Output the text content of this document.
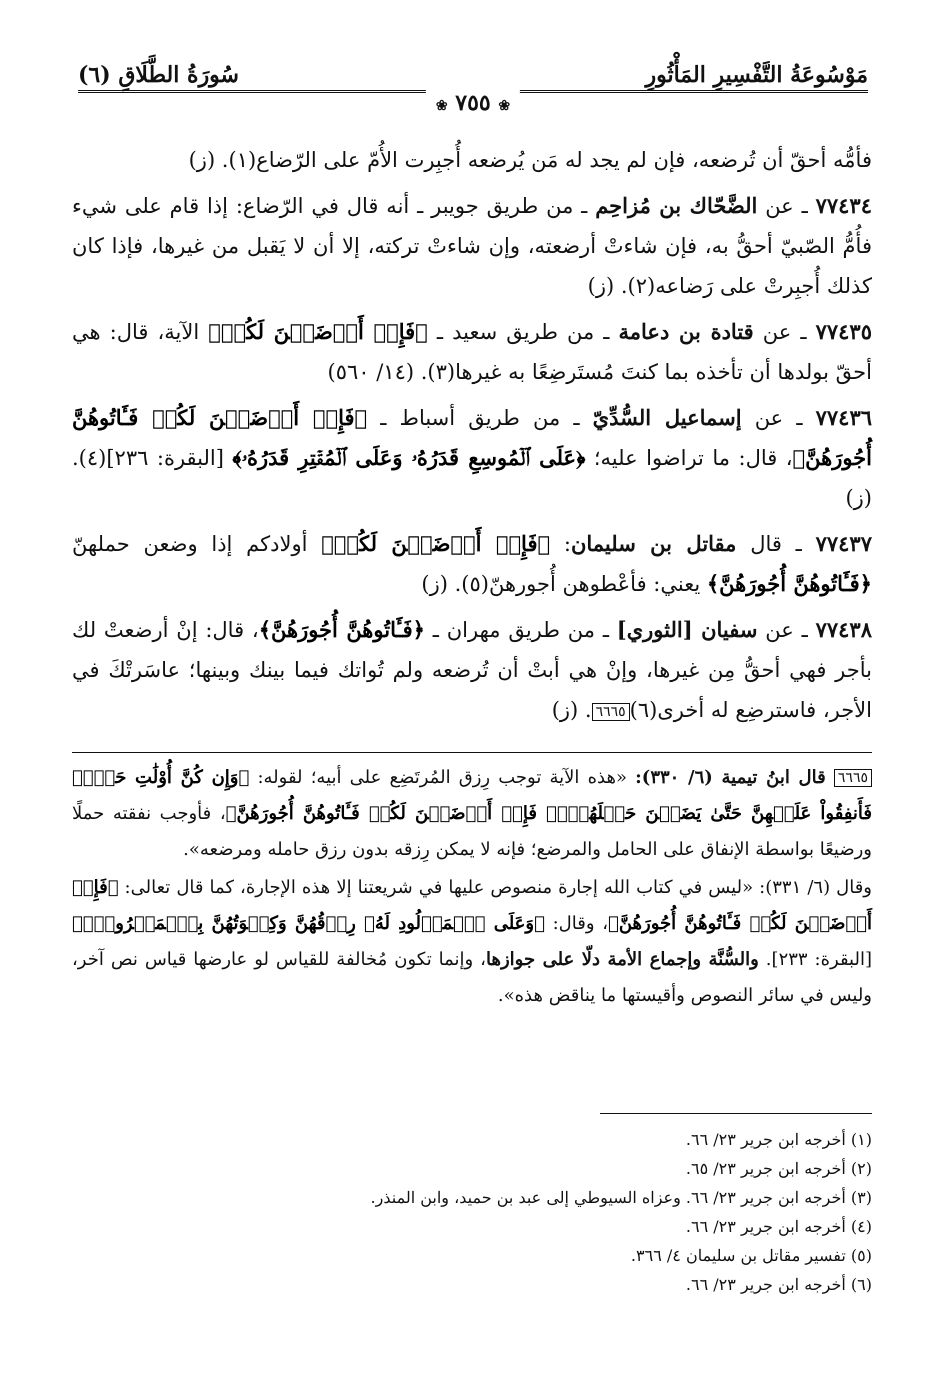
مَوْسُوعَةُ التَّفْسِيرِ المَأْثُورِ
سُورَةُ الطَّلَاقِ (٦)
❀ ٧٥٥ ❀

فأمُّه أحقّ أن تُرضعه، فإن لم يجد له مَن يُرضعه أُجبِرت الأُمّ على الرّضاع(١). (ز)

٧٧٤٣٤ ـ عن الضَّحّاك بن مُزاحِم ـ من طريق جويبر ـ أنه قال في الرّضاع: إذا قام على شيء فأُمُّ الصّبيّ أحقُّ به، فإن شاءتْ أرضعته، وإن شاءتْ تركته، إلا أن لا يَقبل من غيرها، فإذا كان كذلك أُجبِرتْ على رَضاعه(٢). (ز)

٧٧٤٣٥ ـ عن قتادة بن دعامة ـ من طريق سعيد ـ ﴿فَإِنۡ أَرۡضَعۡنَ لَكُمۡ﴾ الآية، قال: هي أحقّ بولدها أن تأخذه بما كنتَ مُستَرضِعًا به غيرها(٣). (١٤/ ٥٦٠)

٧٧٤٣٦ ـ عن إسماعيل السُّدِّيّ ـ من طريق أسباط ـ ﴿فَإِنۡ أَرۡضَعۡنَ لَكُمۡ فَـَٔاتُوهُنَّ أُجُورَهُنَّ﴾، قال: ما تراضوا عليه؛ ﴿عَلَى ٱلۡمُوسِعِ قَدَرُهُۥ وَعَلَى ٱلۡمُقۡتِرِ قَدَرُهُۥ﴾ [البقرة: ٢٣٦](٤). (ز)

٧٧٤٣٧ ـ قال مقاتل بن سليمان: ﴿فَإِنۡ أَرۡضَعۡنَ لَكُمۡ﴾ أولادكم إذا وضعن حملهنّ ﴿فَـَٔاتُوهُنَّ أُجُورَهُنَّ﴾ يعني: فأعْطوهن أُجورهنّ(٥). (ز)

٧٧٤٣٨ ـ عن سفيان [الثوري] ـ من طريق مهران ـ ﴿فَـَٔاتُوهُنَّ أُجُورَهُنَّ﴾، قال: إنْ أرضعتْ لك بأجر فهي أحقُّ مِن غيرها، وإنْ هي أبتْ أن تُرضعه ولم تُواتك فيما بينك وبينها؛ عاسَرتْكَ في الأجر، فاسترضِع له أخرى(٦)٦٦٦٥. (ز)

٦٦٦٥ قال ابنُ تيمية (٦/ ٣٣٠): «هذه الآية توجب رِزق المُرتَضِع على أبيه؛ لقوله: ﴿وَإِن كُنَّ أُوْلَٰتِ حَمۡلٖ فَأَنفِقُواْ عَلَيۡهِنَّ حَتَّىٰ يَضَعۡنَ حَمۡلَهُنَّۚ فَإِنۡ أَرۡضَعۡنَ لَكُمۡ فَـَٔاتُوهُنَّ أُجُورَهُنَّ﴾، فأوجب نفقته حملًا ورضيعًا بواسطة الإنفاق على الحامل والمرضع؛ فإنه لا يمكن رِزقه بدون رزق حامله ومرضعه».

وقال (٦/ ٣٣١): «ليس في كتاب الله إجارة منصوص عليها في شريعتنا إلا هذه الإجارة، كما قال تعالى: ﴿فَإِنۡ أَرۡضَعۡنَ لَكُمۡ فَـَٔاتُوهُنَّ أُجُورَهُنَّ﴾، وقال: ﴿وَعَلَى ٱلۡمَوۡلُودِ لَهُۥ رِزۡقُهُنَّ وَكِسۡوَتُهُنَّ بِٱلۡمَعۡرُوفِۚ﴾ [البقرة: ٢٣٣]. والسُّنَّة وإجماع الأمة دلّا على جوازها، وإنما تكون مُخالفة للقياس لو عارضها قياس نص آخر، وليس في سائر النصوص وأقيستها ما يناقض هذه».

(١) أخرجه ابن جرير ٢٣/ ٦٦.
(٢) أخرجه ابن جرير ٢٣/ ٦٥.
(٣) أخرجه ابن جرير ٢٣/ ٦٦. وعزاه السيوطي إلى عبد بن حميد، وابن المنذر.
(٤) أخرجه ابن جرير ٢٣/ ٦٦.
(٥) تفسير مقاتل بن سليمان ٤/ ٣٦٦.
(٦) أخرجه ابن جرير ٢٣/ ٦٦.
